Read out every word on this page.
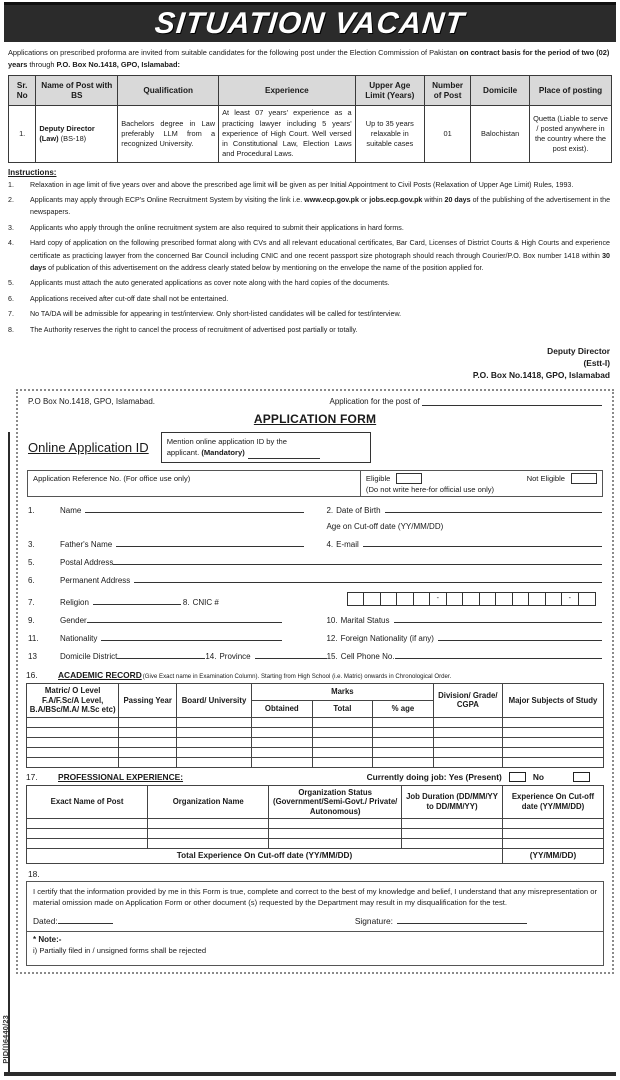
SITUATION VACANT
Applications on prescribed proforma are invited from suitable candidates for the following post under the Election Commission of Pakistan on contract basis for the period of two (02) years through P.O. Box No.1418, GPO, Islamabad:
Sr. No	Name of Post with BS	Qualification	Experience	Upper Age Limit (Years)	Number of Post	Domicile	Place of posting
1.	Deputy Director (Law) (BS-18)	Bachelors degree in Law preferably LLM from a recognized University.	At least 07 years' experience as a practicing lawyer including 5 years' experience of High Court. Well versed in Constitutional Law, Election Laws and Procedural Laws.	Up to 35 years relaxable in suitable cases	01	Balochistan	Quetta (Liable to serve / posted anywhere in the country where the post exist).
Instructions:
1.	Relaxation in age limit of five years over and above the prescribed age limit will be given as per Initial Appointment to Civil Posts (Relaxation of Upper Age Limit) Rules, 1993.
2.	Applicants may apply through ECP's Online Recruitment System by visiting the link i.e. www.ecp.gov.pk or jobs.ecp.gov.pk within 20 days of the publishing of the advertisement in the newspapers.
3.	Applicants who apply through the online recruitment system are also required to submit their applications in hard forms.
4.	Hard copy of application on the following prescribed format along with CVs and all relevant educational certificates, Bar Card, Licenses of District Courts & High Courts and experience certificate as practicing lawyer from the concerned Bar Council including CNIC and one recent passport size photograph should reach through Courier/P.O. Box number 1418 within 30 days of publication of this advertisement on the address clearly stated below by mentioning on the envelope the name of the position applied for.
5.	Applicants must attach the auto generated applications as cover note along with the hard copies of the documents.
6.	Applications received after cut-off date shall not be entertained.
7.	No TA/DA will be admissible for appearing in test/interview. Only short-listed candidates will be called for test/interview.
8.	The Authority reserves the right to cancel the process of recruitment of advertised post partially or totally.
Deputy Director
(Estt-I)
P.O. Box No.1418, GPO, Islamabad
P.O Box No.1418, GPO, Islamabad.	Application for the post of
APPLICATION FORM
Online Application ID	Mention online application ID by the
applicant. (Mandatory)
Application Reference No. (For office use only)	Eligible	Not Eligible
(Do not write here-for official use only)
1.	Name	2. Date of Birth
Age on Cut-off date (YY/MM/DD)
3.	Father's Name	4. E-mail
5.	Postal Address
6.	Permanent Address
7.	Religion	8. CNIC #	-	-
9.	Gender	10. Marital Status
11.	Nationality	12. Foreign Nationality (if any)
13	Domicile District	14. Province	15. Cell Phone No.
16.	ACADEMIC RECORD (Give Exact name in Examination Column). Starting from High School (i.e. Matric) onwards in Chronological Order.
Matric/ O Level F.A/F.Sc/A Level, B.A/BSc/M.A/ M.Sc etc)	Passing Year	Board/ University	Marks			Division/ Grade/ CGPA	Major Subjects of Study
			Obtained	Total	% age		

17.	PROFESSIONAL EXPERIENCE:	Currently doing job: Yes (Present)	No
Exact Name of Post	Organization Name	Organization Status (Government/Semi-Govt./ Private/ Autonomous)	Job Duration (DD/MM/YY to DD/MM/YY)	Experience On Cut-off date (YY/MM/DD)

Total Experience On Cut-off date (YY/MM/DD)				(YY/MM/DD)
18.
I certify that the information provided by me in this Form is true, complete and correct to the best of my knowledge and belief, I understand that any misrepresentation or material omission made on Application Form or other document (s) requested by the Department may result in my disqualification for the test.
Dated:	Signature:
* Note:-
i) Partially filed in / unsigned forms shall be rejected
PID(I)6440/23
